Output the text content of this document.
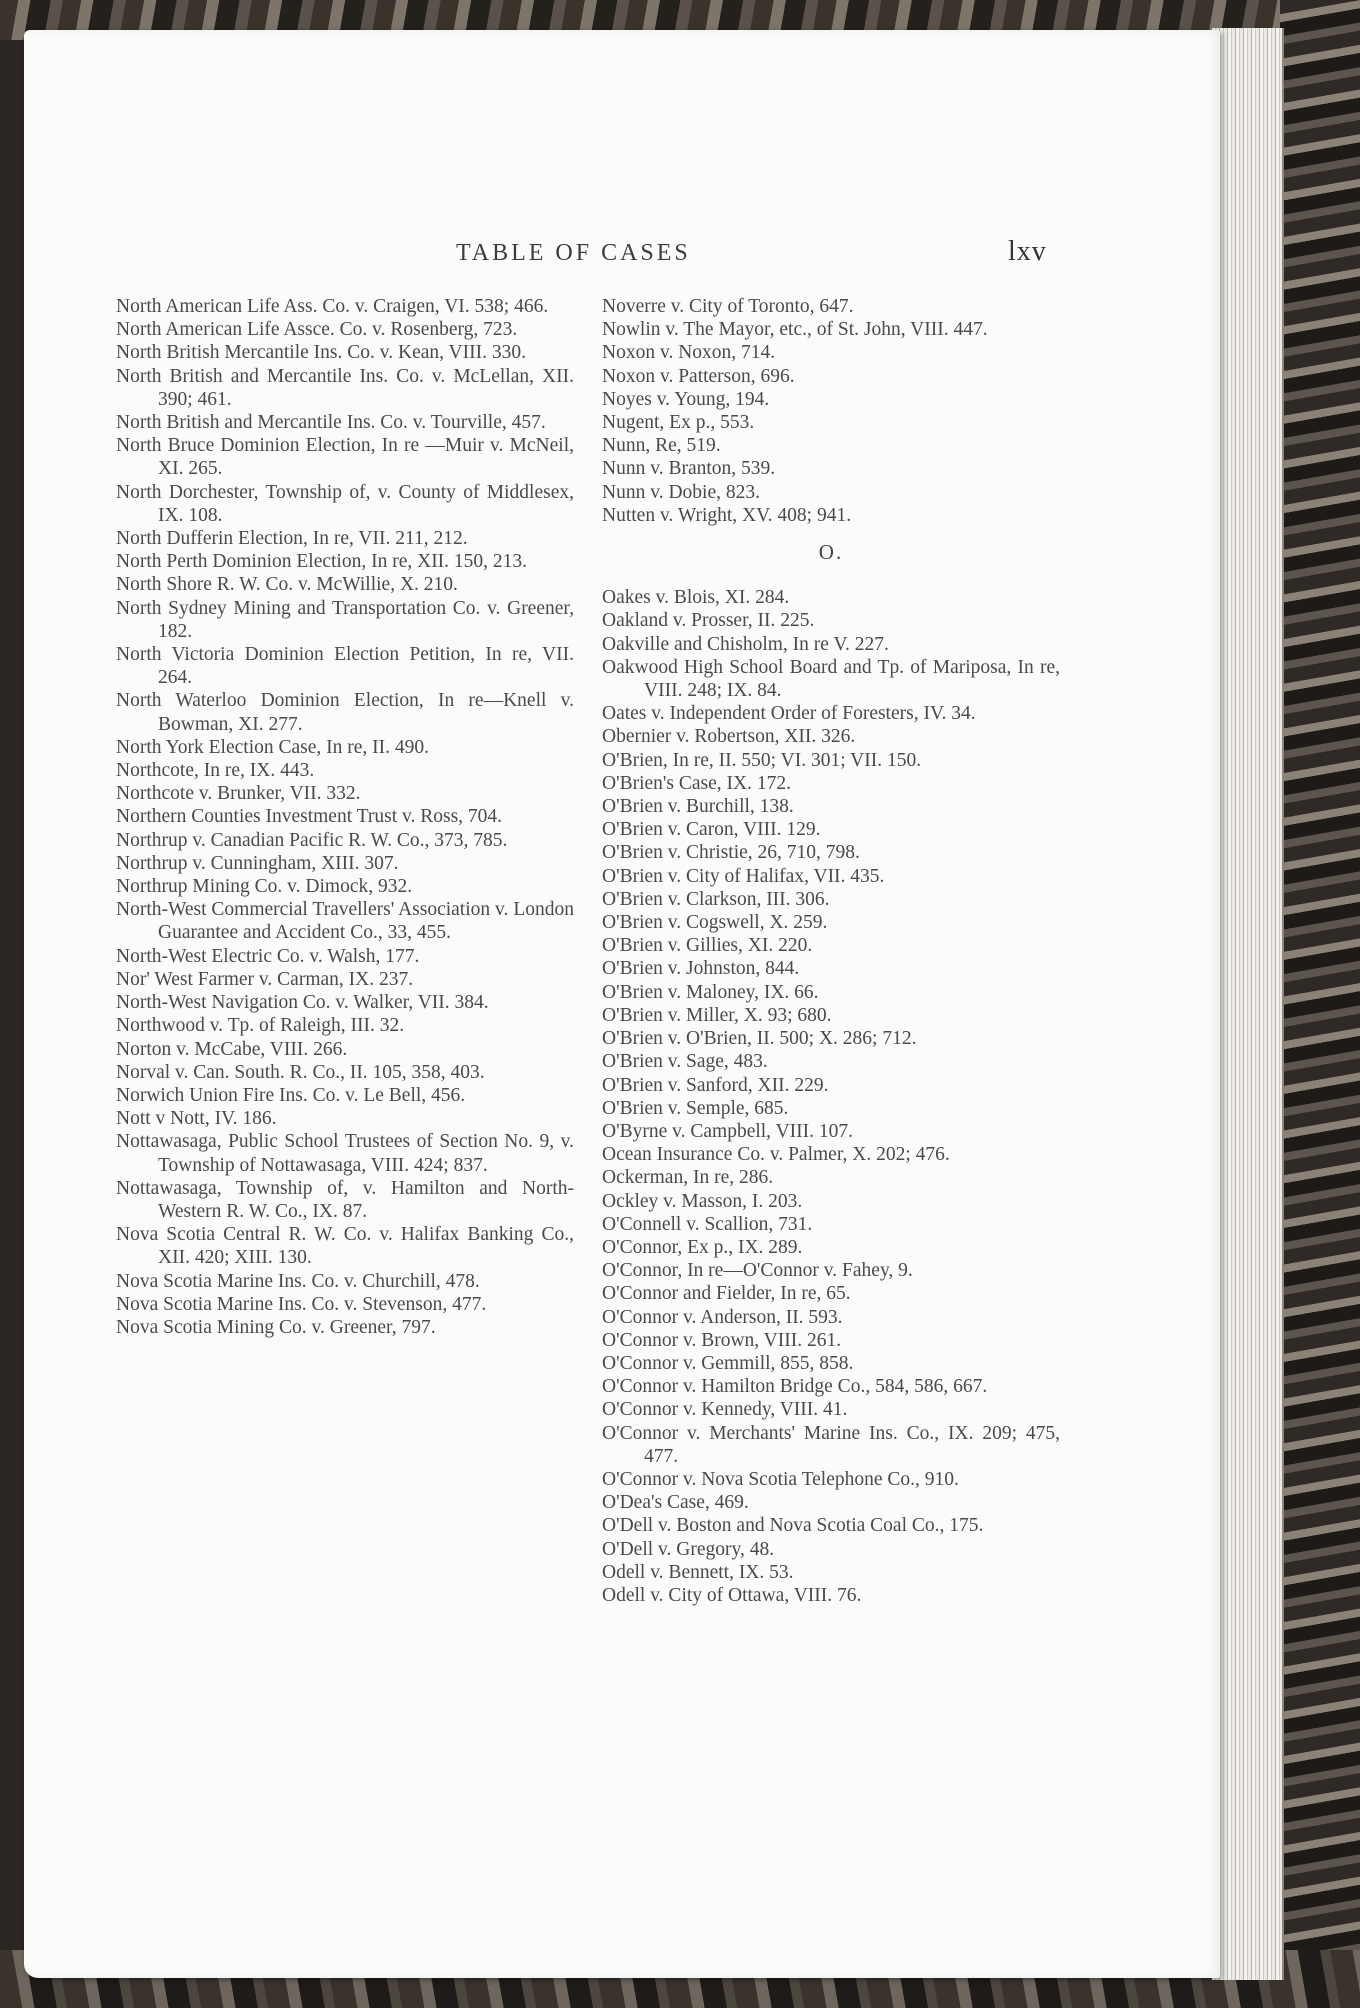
TABLE OF CASES	lxv

North American Life Ass. Co. v. Craigen, VI. 538; 466.

North American Life Assce. Co. v. Rosenberg, 723.

North British Mercantile Ins. Co. v. Kean, VIII. 330.

North British and Mercantile Ins. Co. v. McLellan, XII. 390; 461.

North British and Mercantile Ins. Co. v. Tourville, 457.

North Bruce Dominion Election, In re —Muir v. McNeil, XI. 265.

North Dorchester, Township of, v. County of Middlesex, IX. 108.

North Dufferin Election, In re, VII. 211, 212.

North Perth Dominion Election, In re, XII. 150, 213.

North Shore R. W. Co. v. McWillie, X. 210.

North Sydney Mining and Transportation Co. v. Greener, 182.

North Victoria Dominion Election Petition, In re, VII. 264.

North Waterloo Dominion Election, In re—Knell v. Bowman, XI. 277.

North York Election Case, In re, II. 490.

Northcote, In re, IX. 443.

Northcote v. Brunker, VII. 332.

Northern Counties Investment Trust v. Ross, 704.

Northrup v. Canadian Pacific R. W. Co., 373, 785.

Northrup v. Cunningham, XIII. 307.

Northrup Mining Co. v. Dimock, 932.

North-West Commercial Travellers' Association v. London Guarantee and Accident Co., 33, 455.

North-West Electric Co. v. Walsh, 177.

Nor' West Farmer v. Carman, IX. 237.

North-West Navigation Co. v. Walker, VII. 384.

Northwood v. Tp. of Raleigh, III. 32.

Norton v. McCabe, VIII. 266.

Norval v. Can. South. R. Co., II. 105, 358, 403.

Norwich Union Fire Ins. Co. v. Le Bell, 456.

Nott v Nott, IV. 186.

Nottawasaga, Public School Trustees of Section No. 9, v. Township of Nottawasaga, VIII. 424; 837.

Nottawasaga, Township of, v. Hamilton and North-Western R. W. Co., IX. 87.

Nova Scotia Central R. W. Co. v. Halifax Banking Co., XII. 420; XIII. 130.

Nova Scotia Marine Ins. Co. v. Churchill, 478.

Nova Scotia Marine Ins. Co. v. Stevenson, 477.

Nova Scotia Mining Co. v. Greener, 797.

Noverre v. City of Toronto, 647.

Nowlin v. The Mayor, etc., of St. John, VIII. 447.

Noxon v. Noxon, 714.

Noxon v. Patterson, 696.

Noyes v. Young, 194.

Nugent, Ex p., 553.

Nunn, Re, 519.

Nunn v. Branton, 539.

Nunn v. Dobie, 823.

Nutten v. Wright, XV. 408; 941.

O.

Oakes v. Blois, XI. 284.

Oakland v. Prosser, II. 225.

Oakville and Chisholm, In re V. 227.

Oakwood High School Board and Tp. of Mariposa, In re, VIII. 248; IX. 84.

Oates v. Independent Order of Foresters, IV. 34.

Obernier v. Robertson, XII. 326.

O'Brien, In re, II. 550; VI. 301; VII. 150.

O'Brien's Case, IX. 172.

O'Brien v. Burchill, 138.

O'Brien v. Caron, VIII. 129.

O'Brien v. Christie, 26, 710, 798.

O'Brien v. City of Halifax, VII. 435.

O'Brien v. Clarkson, III. 306.

O'Brien v. Cogswell, X. 259.

O'Brien v. Gillies, XI. 220.

O'Brien v. Johnston, 844.

O'Brien v. Maloney, IX. 66.

O'Brien v. Miller, X. 93; 680.

O'Brien v. O'Brien, II. 500; X. 286; 712.

O'Brien v. Sage, 483.

O'Brien v. Sanford, XII. 229.

O'Brien v. Semple, 685.

O'Byrne v. Campbell, VIII. 107.

Ocean Insurance Co. v. Palmer, X. 202; 476.

Ockerman, In re, 286.

Ockley v. Masson, I. 203.

O'Connell v. Scallion, 731.

O'Connor, Ex p., IX. 289.

O'Connor, In re—O'Connor v. Fahey, 9.

O'Connor and Fielder, In re, 65.

O'Connor v. Anderson, II. 593.

O'Connor v. Brown, VIII. 261.

O'Connor v. Gemmill, 855, 858.

O'Connor v. Hamilton Bridge Co., 584, 586, 667.

O'Connor v. Kennedy, VIII. 41.

O'Connor v. Merchants' Marine Ins. Co., IX. 209; 475, 477.

O'Connor v. Nova Scotia Telephone Co., 910.

O'Dea's Case, 469.

O'Dell v. Boston and Nova Scotia Coal Co., 175.

O'Dell v. Gregory, 48.

Odell v. Bennett, IX. 53.

Odell v. City of Ottawa, VIII. 76.
